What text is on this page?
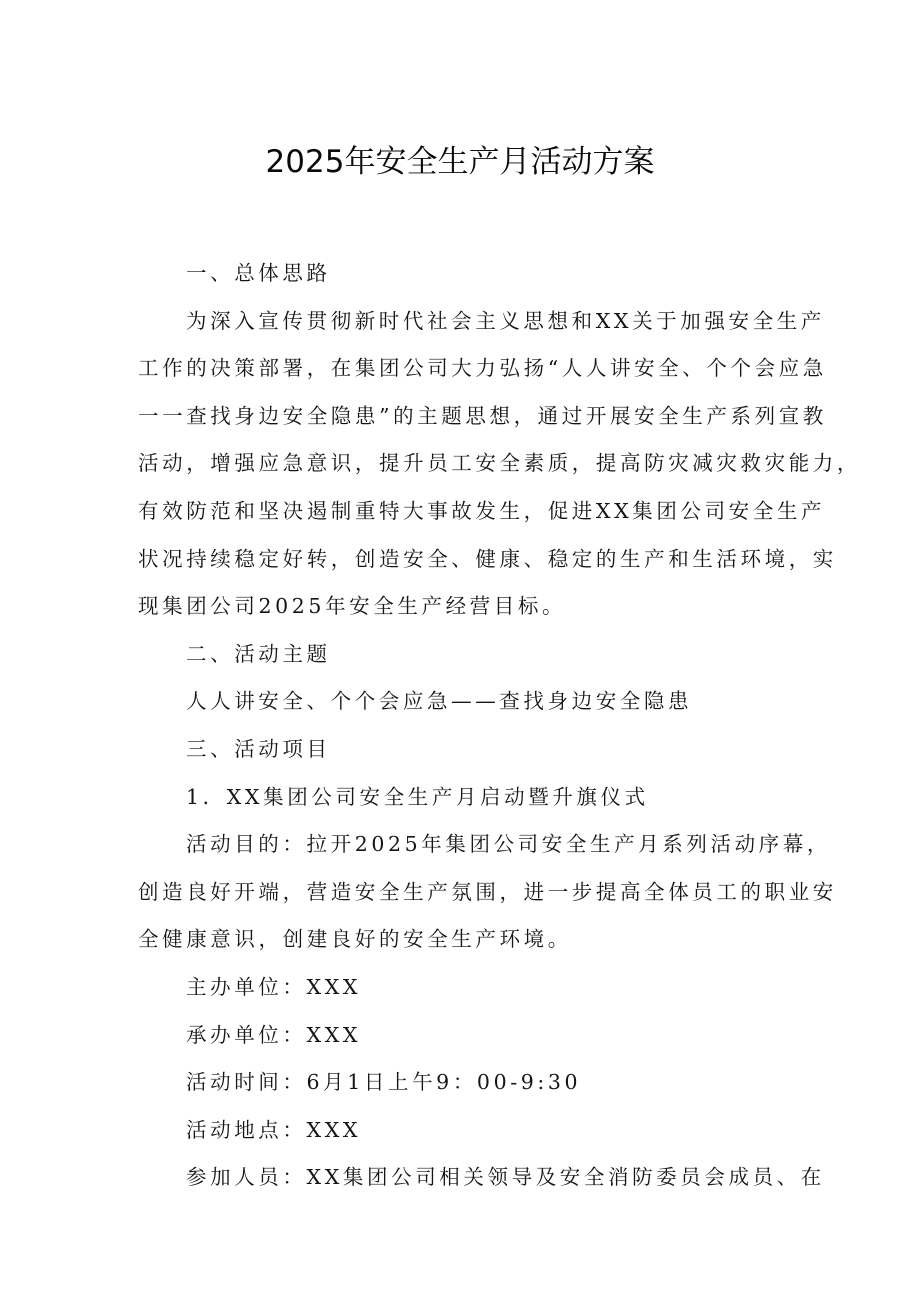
2025年安全生产月活动方案
一、总体思路
为深入宣传贯彻新时代社会主义思想和XX关于加强安全生产
工作的决策部署，在集团公司大力弘扬“人人讲安全、个个会应急
一一查找身边安全隐患”的主题思想，通过开展安全生产系列宣教
活动，增强应急意识，提升员工安全素质，提高防灾减灾救灾能力，
有效防范和坚决遏制重特大事故发生，促进XX集团公司安全生产
状况持续稳定好转，创造安全、健康、稳定的生产和生活环境，实
现集团公司2025年安全生产经营目标。
二、活动主题
人人讲安全、个个会应急——查找身边安全隐患
三、活动项目
1．XX集团公司安全生产月启动暨升旗仪式
活动目的：拉开2025年集团公司安全生产月系列活动序幕，
创造良好开端，营造安全生产氛围，进一步提高全体员工的职业安
全健康意识，创建良好的安全生产环境。
主办单位：XXX
承办单位：XXX
活动时间：6月1日上午9：00-9:30
活动地点：XXX
参加人员：XX集团公司相关领导及安全消防委员会成员、在
